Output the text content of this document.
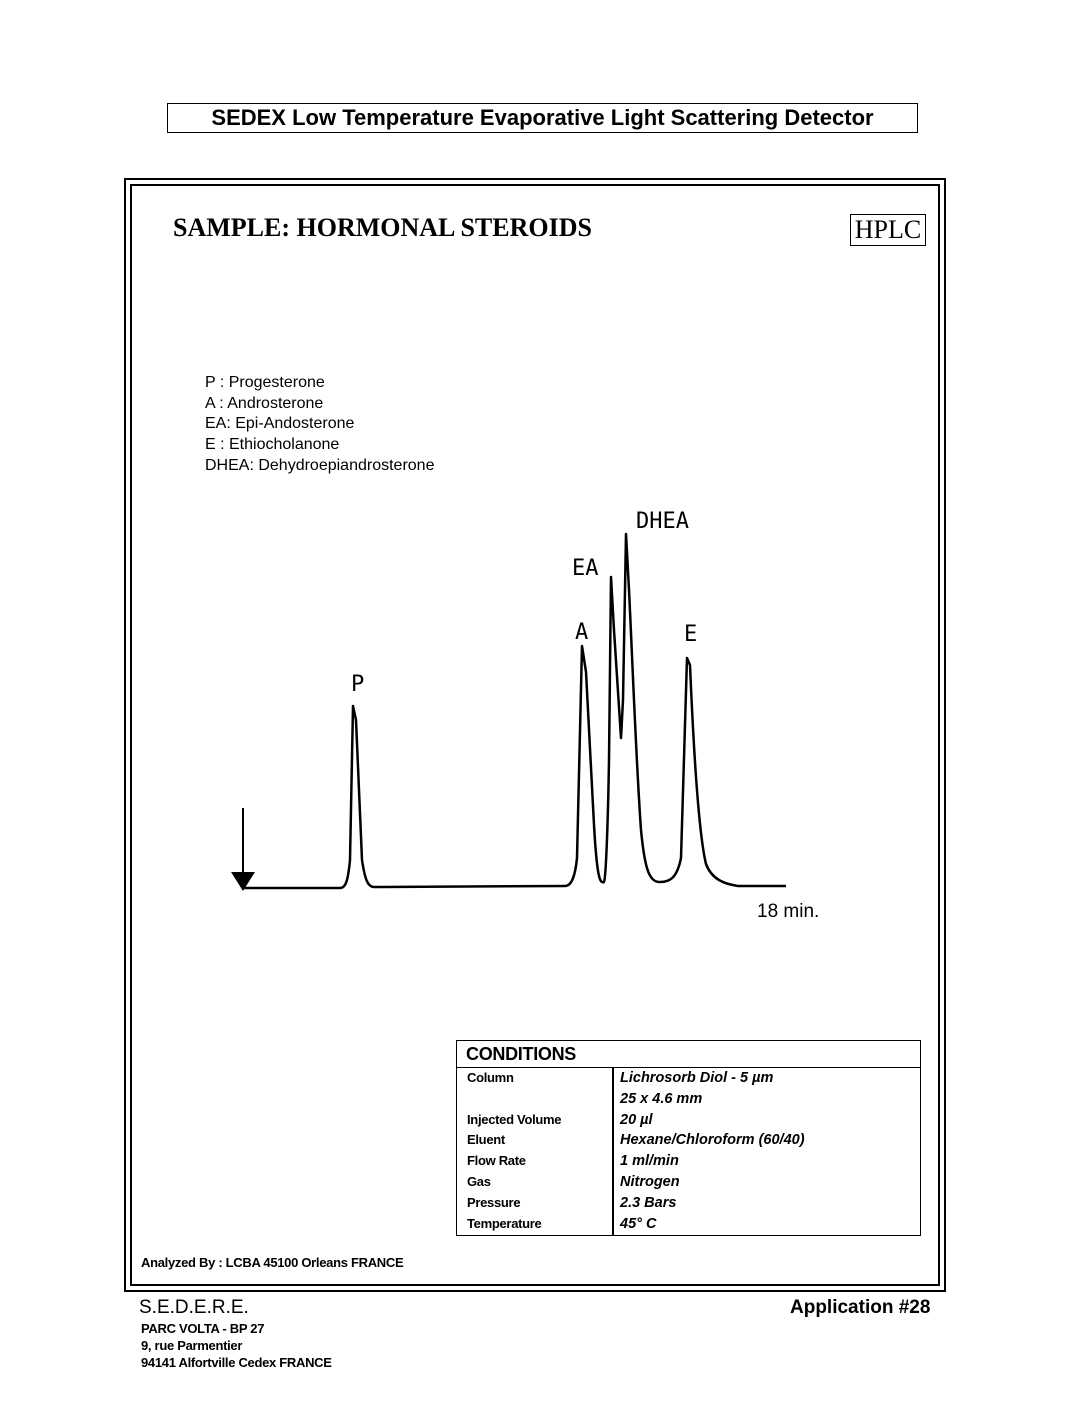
SEDEX Low Temperature Evaporative Light Scattering Detector
SAMPLE: HORMONAL STEROIDS	HPLC
P : Progesterone
A : Androsterone
EA: Epi-Andosterone
E : Ethiocholanone
DHEA: Dehydroepiandrosterone
P
A
EA
DHEA
E
18 min.
CONDITIONS
Column	Lichrosorb Diol - 5 µm
25 x 4.6 mm
Injected Volume	20 µl
Eluent	Hexane/Chloroform (60/40)
Flow Rate	1 ml/min
Gas	Nitrogen
Pressure	2.3 Bars
Temperature	45° C
Analyzed By : LCBA 45100 Orleans FRANCE
S.E.D.E.R.E.
PARC VOLTA - BP 27
9, rue Parmentier
94141 Alfortville Cedex FRANCE
Application #28
